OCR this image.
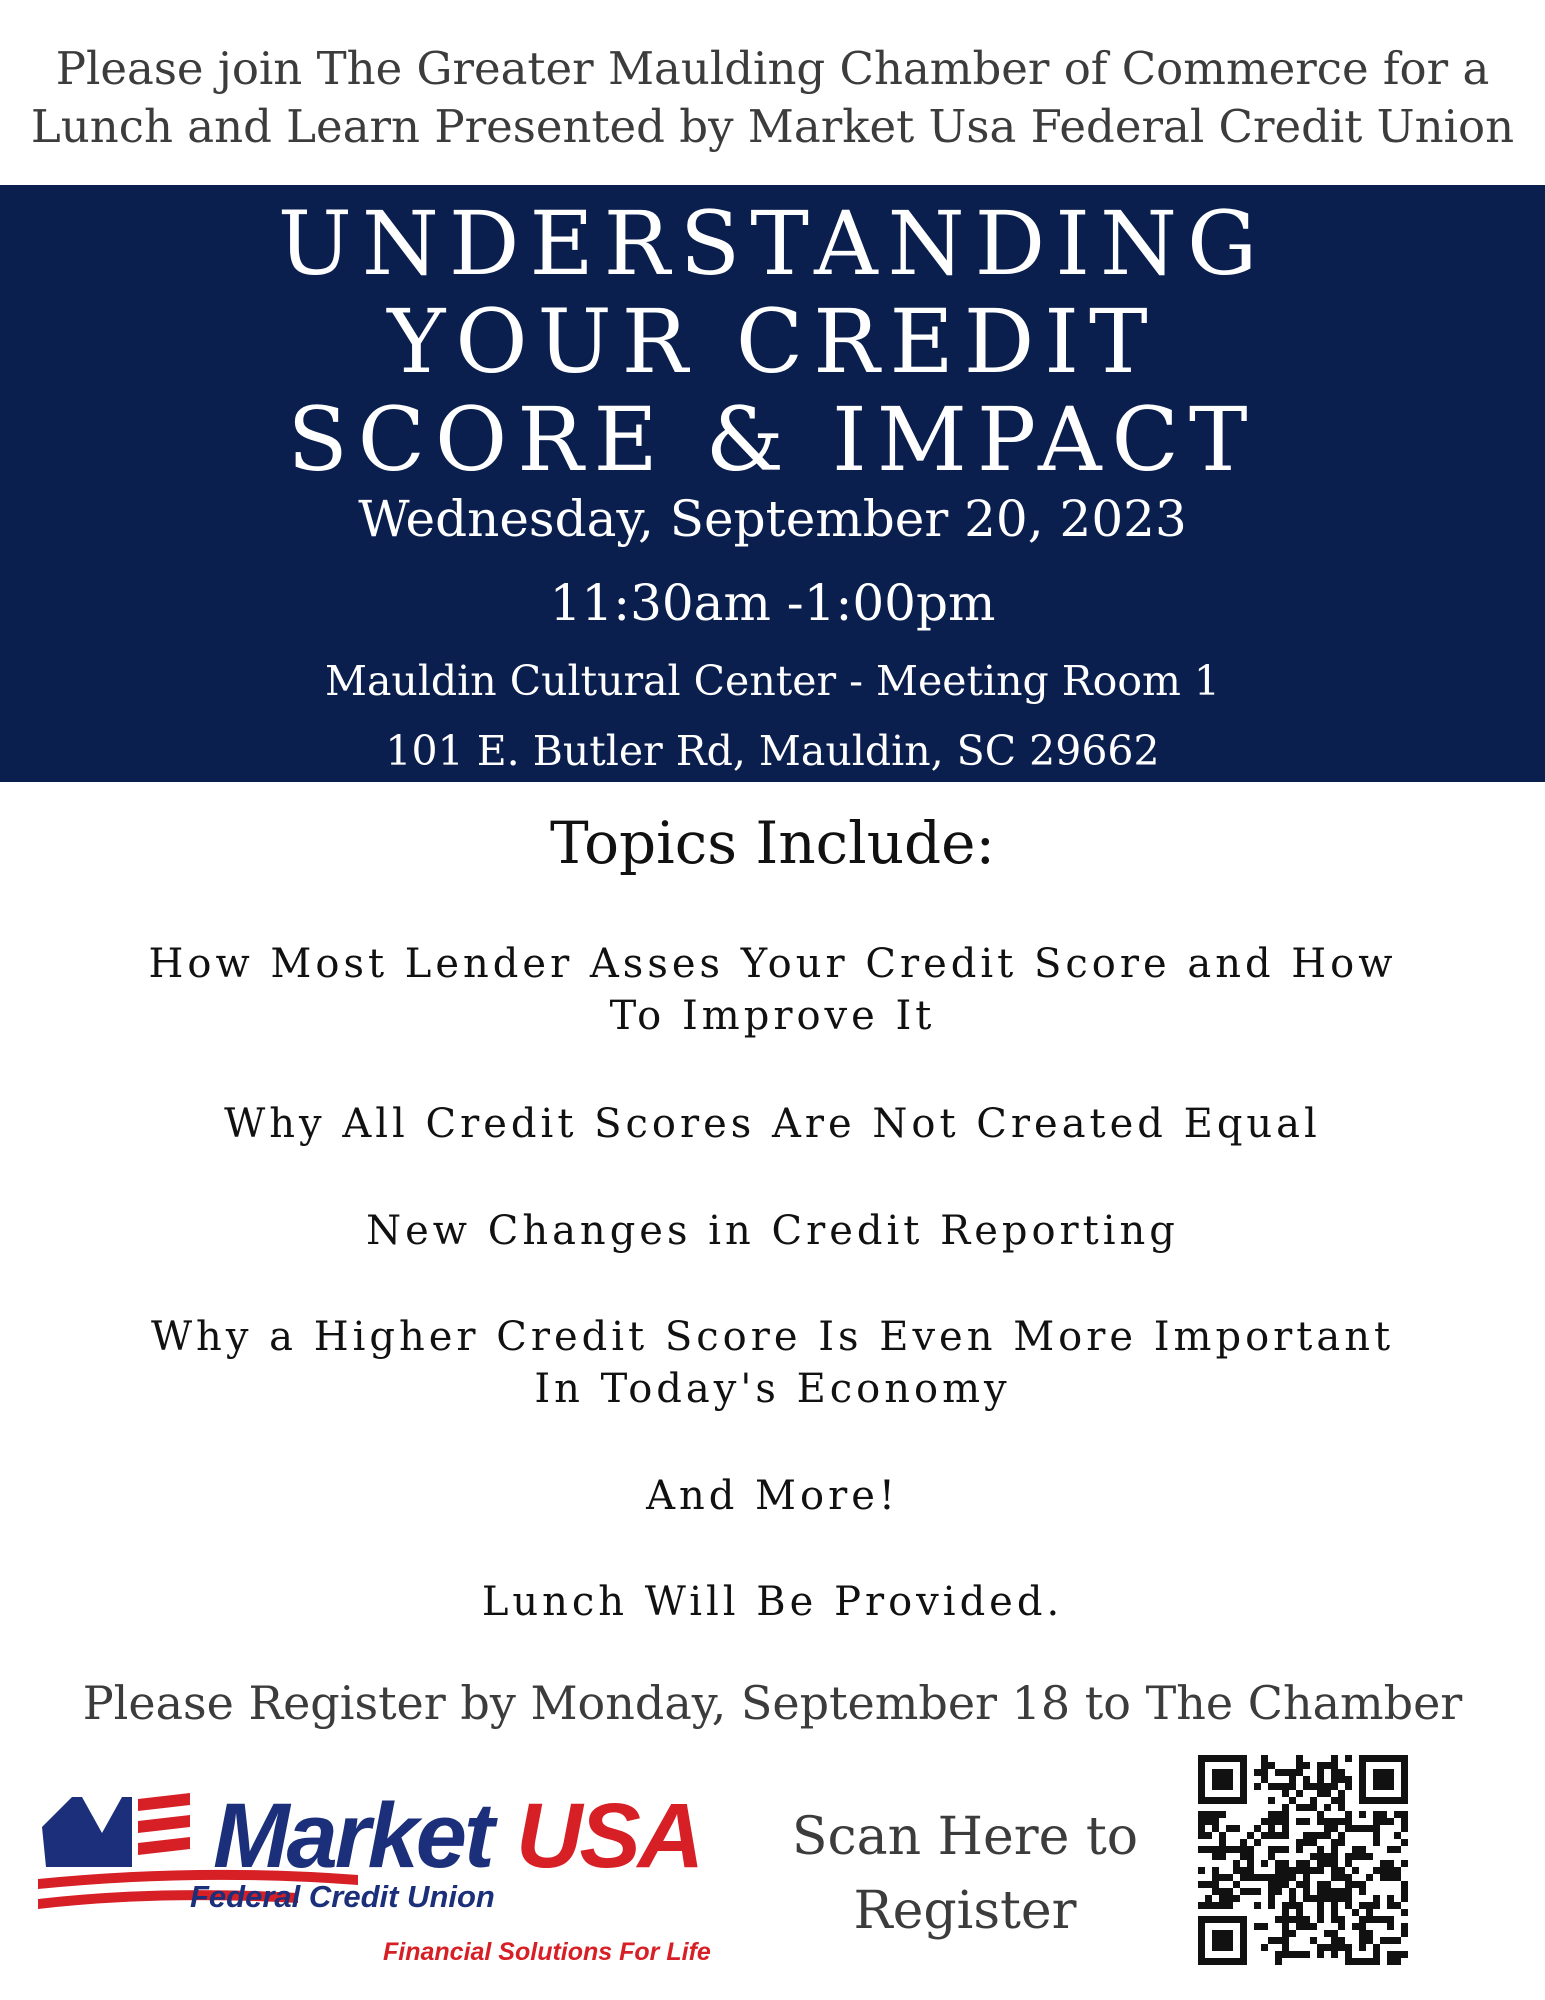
Please join The Greater Maulding Chamber of Commerce for a
Lunch and Learn Presented by Market Usa Federal Credit Union
UNDERSTANDING
YOUR CREDIT
SCORE & IMPACT
Wednesday, September 20, 2023
11:30am -1:00pm
Mauldin Cultural Center - Meeting Room 1
101 E. Butler Rd, Mauldin, SC 29662
Topics Include:
How Most Lender Asses Your Credit Score and How
To Improve It
Why All Credit Scores Are Not Created Equal
New Changes in Credit Reporting
Why a Higher Credit Score Is Even More Important
In Today's Economy
And More!
Lunch Will Be Provided.
Please Register by Monday, September 18 to The Chamber
Market USA
Federal Credit Union
Financial Solutions For Life
Scan Here to
Register
